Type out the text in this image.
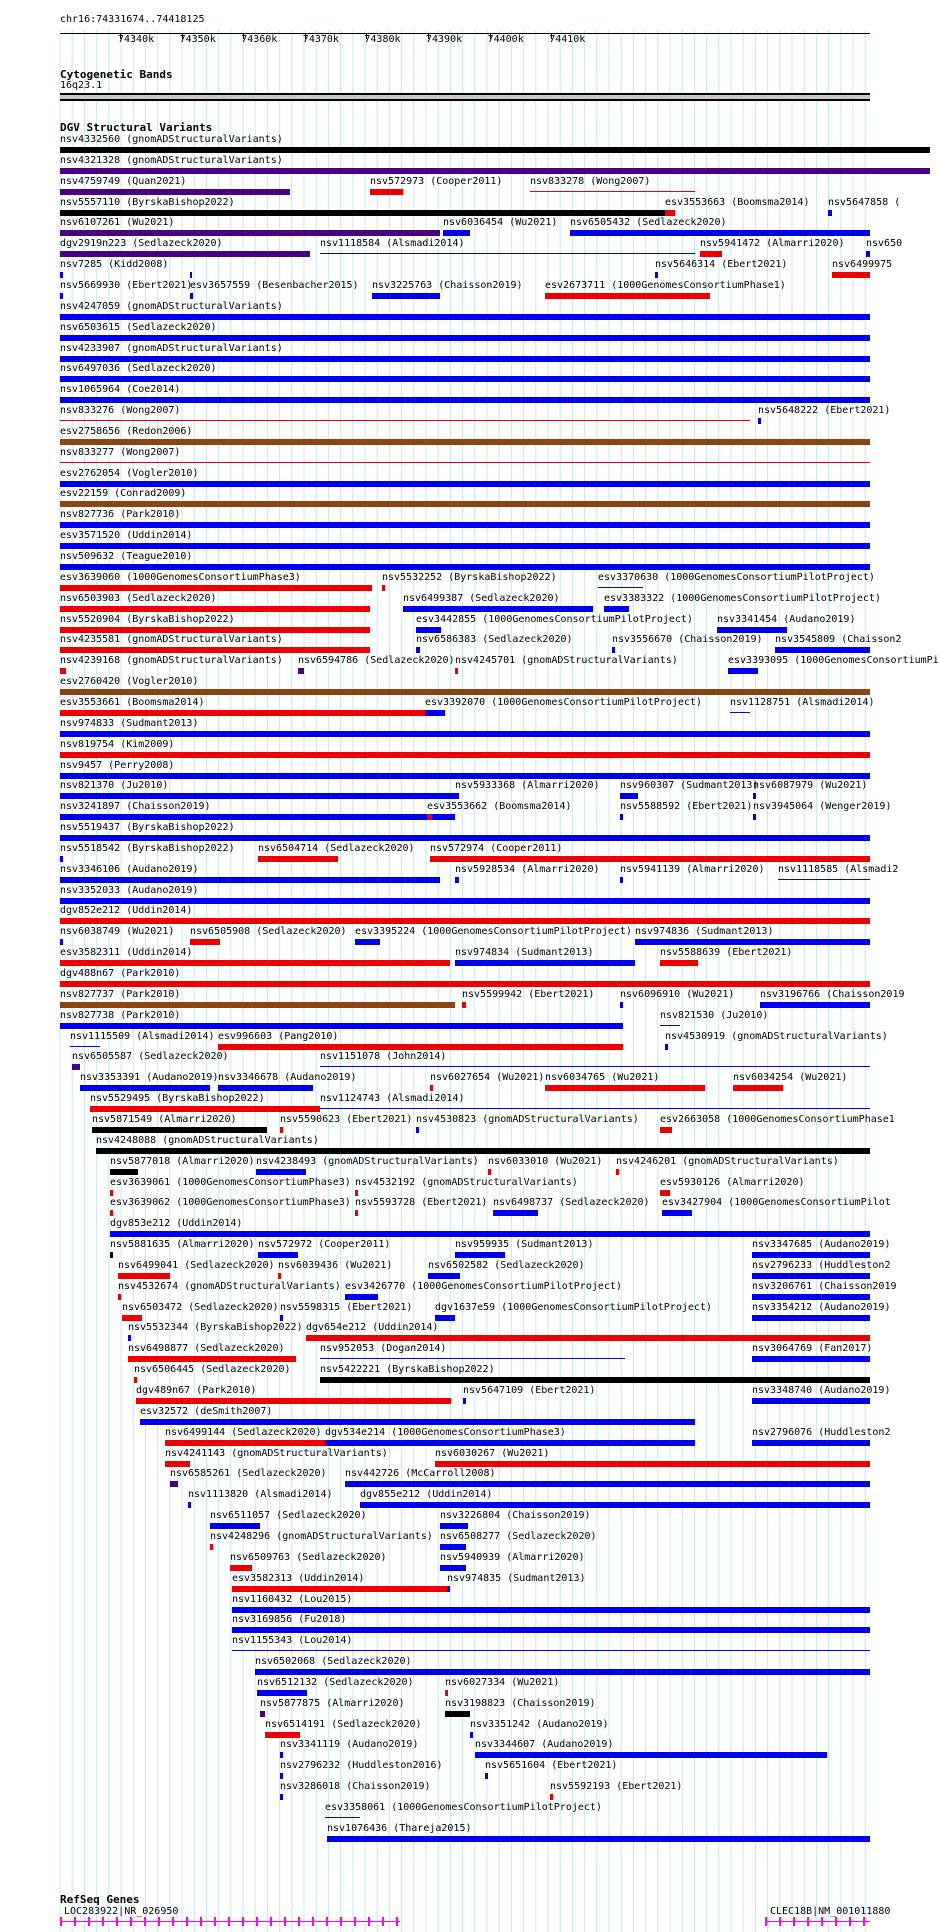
chr16:74331674..74418125
74340k	74350k	74360k	74370k	74380k	74390k	74400k	74410k
Cytogenetic Bands
16q23.1
DGV Structural Variants
nsv4332560 (gnomADStructuralVariants)
nsv4321328 (gnomADStructuralVariants)
nsv4759749 (Quan2021)	nsv572973 (Cooper2011)	nsv833278 (Wong2007)
nsv5557110 (ByrskaBishop2022)	esv3553663 (Boomsma2014) nsv5647858 (
nsv6107261 (Wu2021)	nsv6036454 (Wu2021) nsv6505432 (Sedlazeck2020)
dgv2919n223 (Sedlazeck2020)	nsv1118584 (Alsmadi2014)	nsv5941472 (Almarri2020) nsv650
nsv7285 (Kidd2008)	nsv5646314 (Ebert2021)	nsv6499975
nsv5669930 (Ebert2021)
esv3657559 (Besenbacher2015) nsv3225763 (Chaisson2019) esv2673711 (1000GenomesConsortiumPhase1)
nsv4247059 (gnomADStructuralVariants)
nsv6503615 (Sedlazeck2020)
nsv4233907 (gnomADStructuralVariants)
nsv6497036 (Sedlazeck2020)
nsv1065964 (Coe2014)
nsv833276 (Wong2007)	nsv5648222 (Ebert2021)
esv2758656 (Redon2006)
nsv833277 (Wong2007)
esv2762054 (Vogler2010)
esv22159 (Conrad2009)
nsv827736 (Park2010)
esv3571520 (Uddin2014)
nsv509632 (Teague2010)
esv3639060 (1000GenomesConsortiumPhase3)	nsv5532252 (ByrskaBishop2022)	esv3370630 (1000GenomesConsortiumPilotProject)
nsv6503903 (Sedlazeck2020)	nsv6499387 (Sedlazeck2020)	esv3383322 (1000GenomesConsortiumPilotProject)
nsv5520904 (ByrskaBishop2022)	esv3442855 (1000GenomesConsortiumPilotProject) nsv3341454 (Audano2019)
nsv4235581 (gnomADStructuralVariants)	nsv6586383 (Sedlazeck2020)	nsv3556670 (Chaisson2019) nsv3545809 (Chaisson2
nsv4239168 (gnomADStructuralVariants) nsv6594786 (Sedlazeck2020) nsv4245701 (gnomADStructuralVariants)	esv3393095 (1000GenomesConsortiumPi
esv2760420 (Vogler2010)
esv3553661 (Boomsma2014)	esv3392070 (1000GenomesConsortiumPilotProject)	nsv1128751 (Alsmadi2014)
nsv974833 (Sudmant2013)
nsv819754 (Kim2009)
nsv9457 (Perry2008)
nsv821370 (Ju2010)	nsv5933368 (Almarri2020) nsv960307 (Sudmant2013)
nsv6087979 (Wu2021)
nsv3241897 (Chaisson2019)	esv3553662 (Boomsma2014)	nsv5588592 (Ebert2021) nsv3945064 (Wenger2019)
nsv5519437 (ByrskaBishop2022)
nsv5518542 (ByrskaBishop2022) nsv6504714 (Sedlazeck2020) nsv572974 (Cooper2011)
nsv3346106 (Audano2019)	nsv5928534 (Almarri2020) nsv5941139 (Almarri2020) nsv1118585 (Alsmadi2
nsv3352033 (Audano2019)
dgv852e212 (Uddin2014)
nsv6038749 (Wu2021) nsv6505908 (Sedlazeck2020) esv3395224 (1000GenomesConsortiumPilotProject) nsv974836 (Sudmant2013)
esv3582311 (Uddin2014)	nsv974834 (Sudmant2013)	nsv5588639 (Ebert2021)
dgv488n67 (Park2010)
nsv827737 (Park2010)	nsv5599942 (Ebert2021)	nsv6096910 (Wu2021)	nsv3196766 (Chaisson2019
nsv827738 (Park2010)	nsv821530 (Ju2010)
nsv1115509 (Alsmadi2014) esv996603 (Pang2010)	nsv4530919 (gnomADStructuralVariants)
nsv6505587 (Sedlazeck2020)	nsv1151078 (John2014)
nsv3353391 (Audano2019) nsv3346678 (Audano2019)	nsv6027654 (Wu2021) nsv6034765 (Wu2021)	nsv6034254 (Wu2021)
nsv5529495 (ByrskaBishop2022)	nsv1124743 (Alsmadi2014)
nsv5871549 (Almarri2020)	nsv5590623 (Ebert2021) nsv4530823 (gnomADStructuralVariants) esv2663058 (1000GenomesConsortiumPhase1
nsv4248088 (gnomADStructuralVariants)
nsv5877018 (Almarri2020) nsv4238493 (gnomADStructuralVariants) nsv6033010 (Wu2021) nsv4246201 (gnomADStructuralVariants)
esv3639061 (1000GenomesConsortiumPhase3) nsv4532192 (gnomADStructuralVariants)	esv5930126 (Almarri2020)
esv3639062 (1000GenomesConsortiumPhase3) nsv5593728 (Ebert2021) nsv6498737 (Sedlazeck2020) esv3427904 (1000GenomesConsortiumPilot
dgv853e212 (Uddin2014)
nsv5881635 (Almarri2020) nsv572972 (Cooper2011)	nsv959935 (Sudmant2013)	nsv3347685 (Audano2019)
nsv6499041 (Sedlazeck2020) nsv6039436 (Wu2021)	nsv6502582 (Sedlazeck2020)	nsv2796233 (Huddleston2
nsv4532674 (gnomADStructuralVariants) esv3426770 (1000GenomesConsortiumPilotProject)	nsv3206761 (Chaisson2019
nsv6503472 (Sedlazeck2020) nsv5598315 (Ebert2021) dgv1637e59 (1000GenomesConsortiumPilotProject)	nsv3354212 (Audano2019)
nsv5532344 (ByrskaBishop2022) dgv654e212 (Uddin2014)
nsv6498877 (Sedlazeck2020)	nsv952053 (Dogan2014)	nsv3064769 (Fan2017)
nsv6506445 (Sedlazeck2020)	nsv5422221 (ByrskaBishop2022)
dgv489n67 (Park2010)	nsv5647109 (Ebert2021)	nsv3348740 (Audano2019)
esv32572 (deSmith2007)
nsv6499144 (Sedlazeck2020) dgv534e214 (1000GenomesConsortiumPhase3)	nsv2796076 (Huddleston2
nsv4241143 (gnomADStructuralVariants)	nsv6030267 (Wu2021)
nsv6585261 (Sedlazeck2020) nsv442726 (McCarroll2008)
nsv1113820 (Alsmadi2014)	dgv855e212 (Uddin2014)
nsv6511057 (Sedlazeck2020)	nsv3226804 (Chaisson2019)
nsv4248296 (gnomADStructuralVariants) nsv6508277 (Sedlazeck2020)
nsv6509763 (Sedlazeck2020)	nsv5940939 (Almarri2020)
esv3582313 (Uddin2014)	nsv974835 (Sudmant2013)
nsv1160432 (Lou2015)
nsv3169856 (Fu2018)
nsv1155343 (Lou2014)
nsv6502068 (Sedlazeck2020)
nsv6512132 (Sedlazeck2020)	nsv6027334 (Wu2021)
nsv5877875 (Almarri2020)	nsv3198823 (Chaisson2019)
nsv6514191 (Sedlazeck2020)	nsv3351242 (Audano2019)
nsv3341119 (Audano2019)	nsv3344607 (Audano2019)
nsv2796232 (Huddleston2016)	nsv5651604 (Ebert2021)
nsv3286018 (Chaisson2019)	nsv5592193 (Ebert2021)
esv3358061 (1000GenomesConsortiumPilotProject)
nsv1076436 (Thareja2015)
RefSeq Genes
LOC283922|NR_026950	CLEC18B|NM_001011880
